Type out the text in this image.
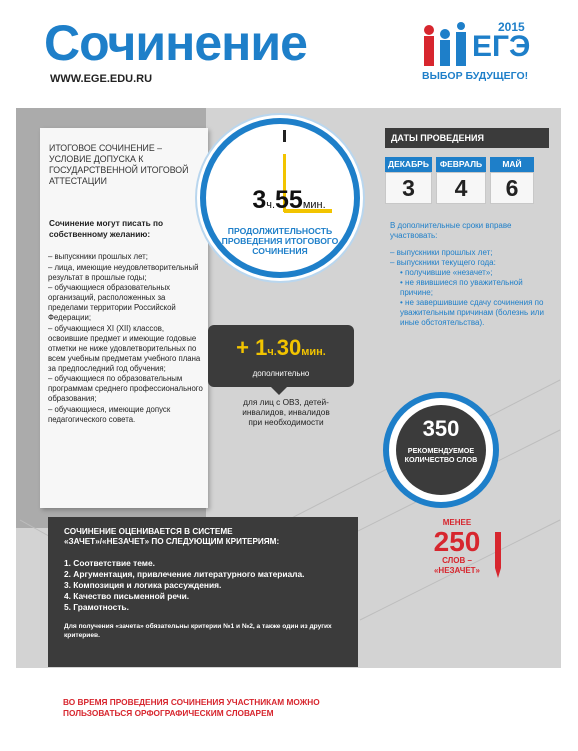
Сочинение
WWW.EGE.EDU.RU
2015
ЕГЭ
ВЫБОР БУДУЩЕГО!
ИТОГОВОЕ СОЧИНЕНИЕ – УСЛОВИЕ ДОПУСКА К ГОСУДАРСТВЕННОЙ ИТОГОВОЙ АТТЕСТАЦИИ
Сочинение могут писать по собственному желанию:
– выпускники прошлых лет;
– лица, имеющие неудовлетворительный результат в прошлые годы;
– обучающиеся образовательных организаций, расположенных за пределами территории Российской Федерации;
– обучающиеся XI (XII) классов, освоившие предмет и имеющие годовые отметки не ниже удовлетворительных по всем учебным предметам учебного плана за предпоследний год обучения;
– обучающиеся по образовательным программам среднего профессионального образования;
– обучающиеся, имеющие допуск педагогического совета.
3ч.55мин.
ПРОДОЛЖИТЕЛЬНОСТЬ ПРОВЕДЕНИЯ ИТОГОВОГО СОЧИНЕНИЯ
+ 1ч.30мин.
дополнительно
для лиц с ОВЗ, детей-инвалидов, инвалидов при необходимости
ДАТЫ ПРОВЕДЕНИЯ
ДЕКАБРЬ	ФЕВРАЛЬ	МАЙ
3	4	6
В дополнительные сроки вправе участвовать:
– выпускники прошлых лет;
– выпускники текущего года:
• получившие «незачет»;
• не явившиеся по уважительной причине;
• не завершившие сдачу сочинения по уважительным причинам (болезнь или иные обстоятельства).
350
РЕКОМЕНДУЕМОЕ КОЛИЧЕСТВО СЛОВ
МЕНЕЕ
250
СЛОВ – «НЕЗАЧЕТ»
СОЧИНЕНИЕ ОЦЕНИВАЕТСЯ В СИСТЕМЕ «ЗАЧЕТ»/«НЕЗАЧЕТ» ПО СЛЕДУЮЩИМ КРИТЕРИЯМ:
1. Соответствие теме.
2. Аргументация, привлечение литературного материала.
3. Композиция и логика рассуждения.
4. Качество письменной речи.
5. Грамотность.
Для получения «зачета» обязательны критерии №1 и №2, а также один из других критериев.
ВО ВРЕМЯ ПРОВЕДЕНИЯ СОЧИНЕНИЯ УЧАСТНИКАМ МОЖНО ПОЛЬЗОВАТЬСЯ ОРФОГРАФИЧЕСКИМ СЛОВАРЕМ
